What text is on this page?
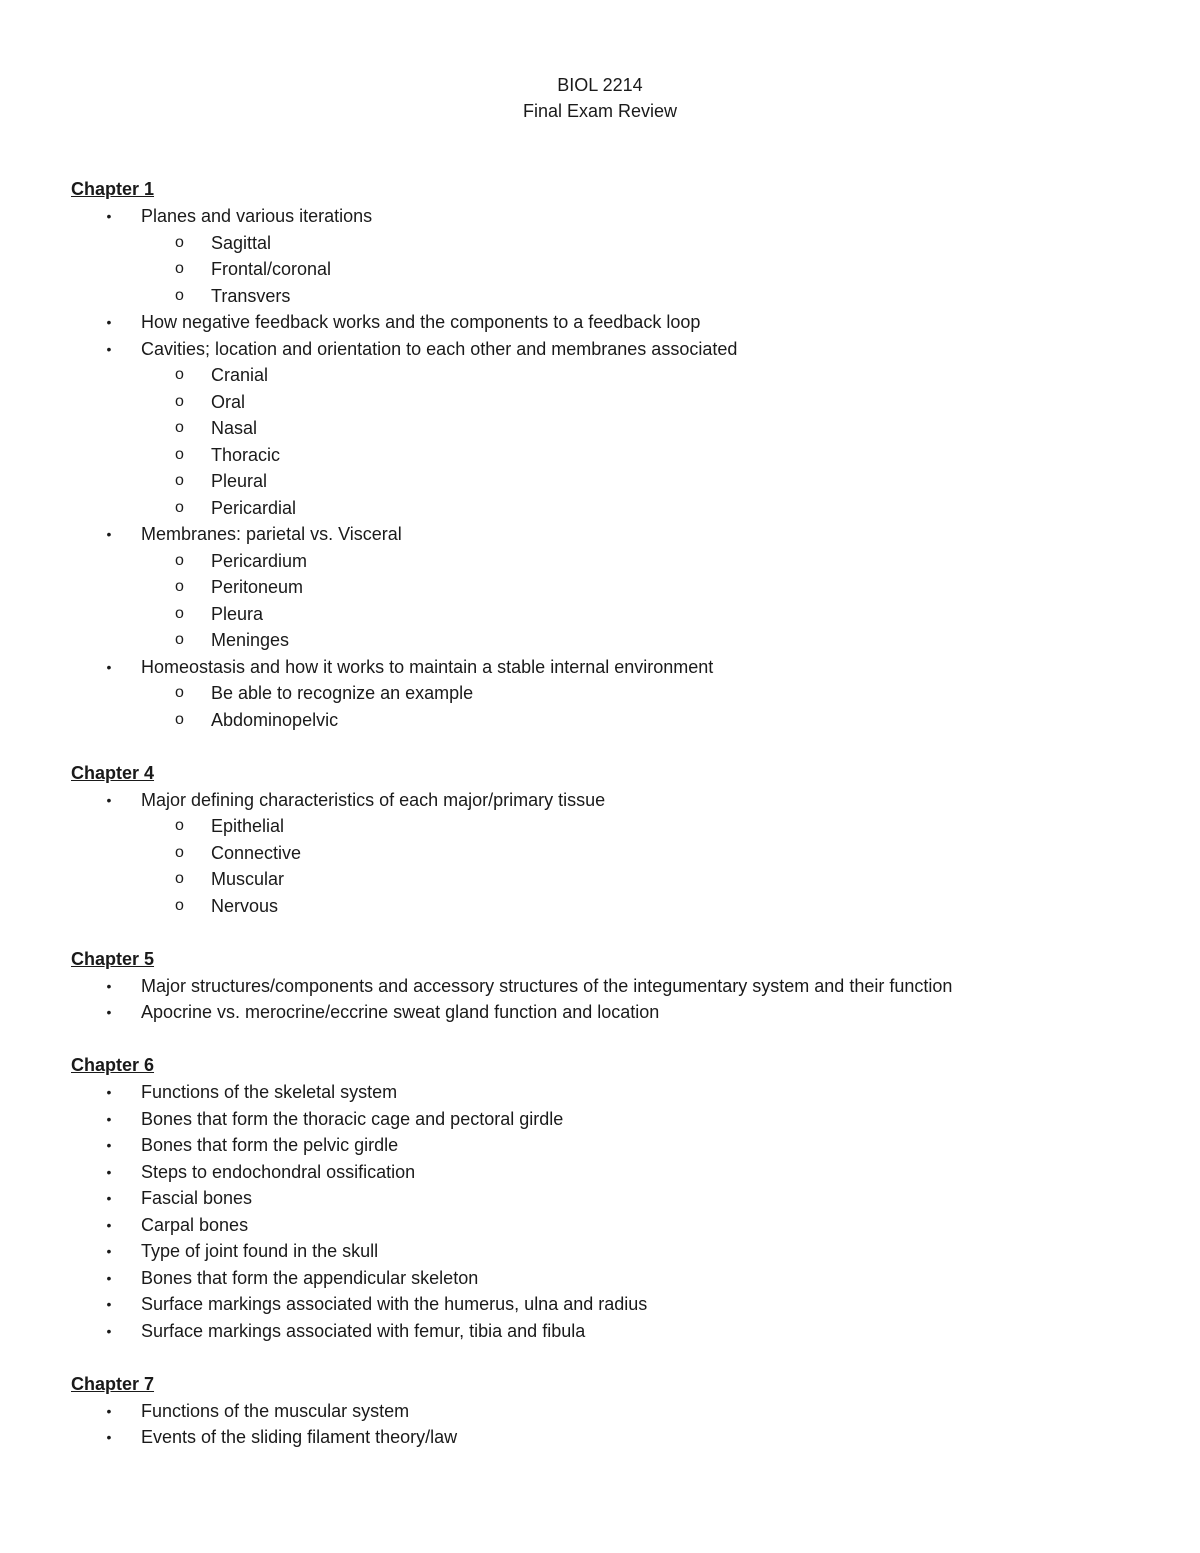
BIOL 2214
Final Exam Review
Chapter 1
• Planes and various iterations
o Sagittal
o Frontal/coronal
o Transvers
• How negative feedback works and the components to a feedback loop
• Cavities; location and orientation to each other and membranes associated
o Cranial
o Oral
o Nasal
o Thoracic
o Pleural
o Pericardial
• Membranes: parietal vs. Visceral
o Pericardium
o Peritoneum
o Pleura
o Meninges
• Homeostasis and how it works to maintain a stable internal environment
o Be able to recognize an example
o Abdominopelvic
Chapter 4
• Major defining characteristics of each major/primary tissue
o Epithelial
o Connective
o Muscular
o Nervous
Chapter 5
• Major structures/components and accessory structures of the integumentary system and their function
• Apocrine vs. merocrine/eccrine sweat gland function and location
Chapter 6
• Functions of the skeletal system
• Bones that form the thoracic cage and pectoral girdle
• Bones that form the pelvic girdle
• Steps to endochondral ossification
• Fascial bones
• Carpal bones
• Type of joint found in the skull
• Bones that form the appendicular skeleton
• Surface markings associated with the humerus, ulna and radius
• Surface markings associated with femur, tibia and fibula
Chapter 7
• Functions of the muscular system
• Events of the sliding filament theory/law
